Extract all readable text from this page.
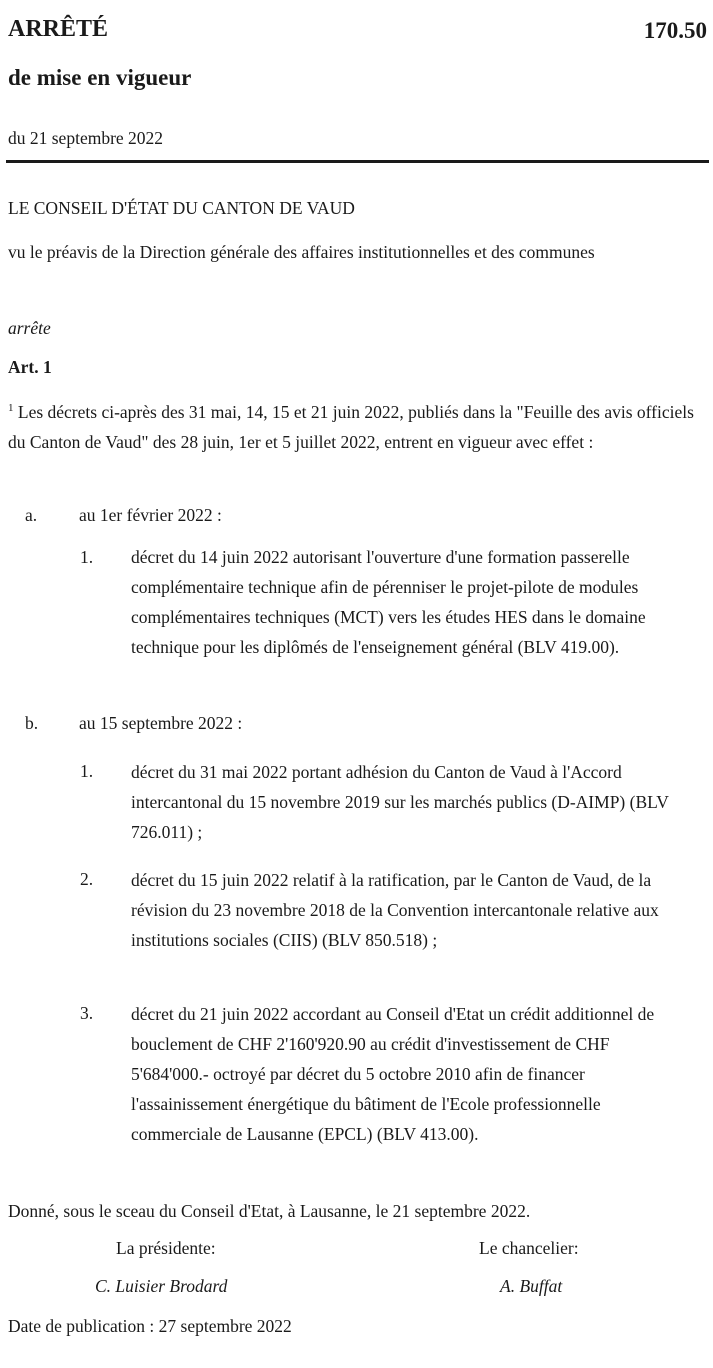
ARRÊTÉ	170.50
de mise en vigueur
du 21 septembre 2022
LE CONSEIL D'ÉTAT DU CANTON DE VAUD
vu le préavis de la Direction générale des affaires institutionnelles et des communes
arrête
Art. 1
$^1$ Les décrets ci-après des 31 mai, 14, 15 et 21 juin 2022, publiés dans la "Feuille des avis officiels du Canton de Vaud" des 28 juin, 1er et 5 juillet 2022, entrent en vigueur avec effet :
a. au 1er février 2022 :
1. décret du 14 juin 2022 autorisant l'ouverture d'une formation passerelle complémentaire technique afin de pérenniser le projet-pilote de modules complémentaires techniques (MCT) vers les études HES dans le domaine technique pour les diplômés de l'enseignement général (BLV 419.00).
b. au 15 septembre 2022 :
1. décret du 31 mai 2022 portant adhésion du Canton de Vaud à l'Accord intercantonal du 15 novembre 2019 sur les marchés publics (D-AIMP) (BLV 726.011) ;
2. décret du 15 juin 2022 relatif à la ratification, par le Canton de Vaud, de la révision du 23 novembre 2018 de la Convention intercantonale relative aux institutions sociales (CIIS) (BLV 850.518) ;
3. décret du 21 juin 2022 accordant au Conseil d'Etat un crédit additionnel de bouclement de CHF 2'160'920.90 au crédit d'investissement de CHF 5'684'000.- octroyé par décret du 5 octobre 2010 afin de financer l'assainissement énergétique du bâtiment de l'Ecole professionnelle commerciale de Lausanne (EPCL) (BLV 413.00).
Donné, sous le sceau du Conseil d'Etat, à Lausanne, le 21 septembre 2022.
La présidente:	Le chancelier:
C. Luisier Brodard	A. Buffat
Date de publication : 27 septembre 2022
